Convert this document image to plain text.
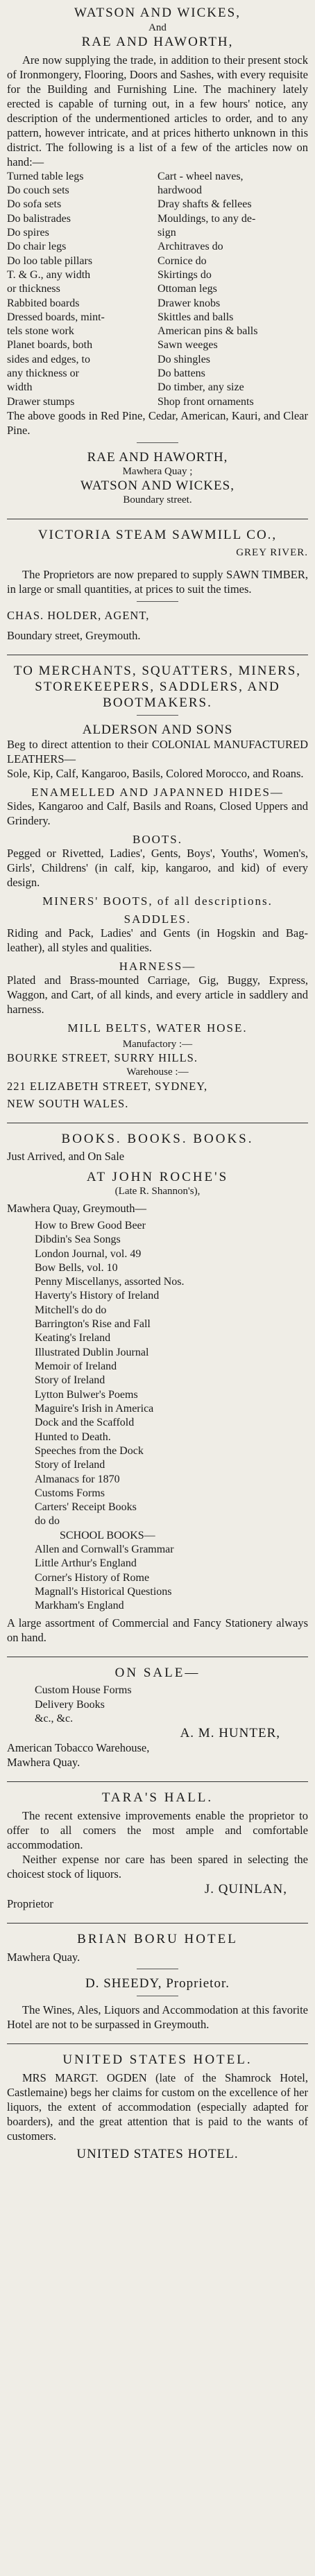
WATSON AND WICKES,
And
RAE AND HAWORTH,
Are now supplying the trade, in addition to their present stock of Ironmongery, Flooring, Doors and Sashes, with every requisite for the Building and Furnishing Line. The machinery lately erected is capable of turning out, in a few hours' notice, any description of the undermentioned articles to order, and to any pattern, however intricate, and at prices hitherto unknown in this district. The following is a list of a few of the articles now on hand:—
Turned table legs	Cart - wheel naves,
Do couch sets	hardwood
Do sofa sets	Dray shafts & fellees
Do balistrades	Mouldings, to any de-
Do spires	sign
Do chair legs	Architraves do
Do loo table pillars	Cornice do
T. & G., any width	Skirtings do
or thickness	Ottoman legs
Rabbited boards	Drawer knobs
Dressed boards, mint-	Skittles and balls
tels stone work	American pins & balls
Planet boards, both	Sawn weeges
sides and edges, to	Do shingles
any thickness or	Do battens
width	Do timber, any size
Drawer stumps	Shop front ornaments
The above goods in Red Pine, Cedar, American, Kauri, and Clear Pine.
RAE AND HAWORTH,
Mawhera Quay ;
WATSON AND WICKES,
Boundary street.
VICTORIA STEAM SAWMILL CO.,
GREY RIVER.
The Proprietors are now prepared to supply SAWN TIMBER, in large or small quantities, at prices to suit the times.
CHAS. HOLDER, AGENT,
Boundary street, Greymouth.
TO MERCHANTS, SQUATTERS, MINERS, STOREKEEPERS, SADDLERS, AND BOOTMAKERS.
ALDERSON AND SONS
Beg to direct attention to their COLONIAL MANUFACTURED LEATHERS—
Sole, Kip, Calf, Kangaroo, Basils, Colored Morocco, and Roans.
ENAMELLED AND JAPANNED HIDES—
Sides, Kangaroo and Calf, Basils and Roans, Closed Uppers and Grindery.
BOOTS.
Pegged or Rivetted, Ladies', Gents, Boys', Youths', Women's, Girls', Childrens' (in calf, kip, kangaroo, and kid) of every design.
MINERS' BOOTS, of all descriptions.
SADDLES.
Riding and Pack, Ladies' and Gents (in Hogskin and Bag-leather), all styles and qualities.
HARNESS—
Plated and Brass-mounted Carriage, Gig, Buggy, Express, Waggon, and Cart, of all kinds, and every article in saddlery and harness.
MILL BELTS, WATER HOSE.
Manufactory :—
BOURKE STREET, SURRY HILLS.
Warehouse :—
221 ELIZABETH STREET, SYDNEY,
NEW SOUTH WALES.
BOOKS. BOOKS. BOOKS.
Just Arrived, and On Sale
AT JOHN ROCHE'S
(Late R. Shannon's),
Mawhera Quay, Greymouth—
How to Brew Good Beer
Dibdin's Sea Songs
London Journal, vol. 49
Bow Bells, vol. 10
Penny Miscellanys, assorted Nos.
Haverty's History of Ireland
Mitchell's do do
Barrington's Rise and Fall
Keating's Ireland
Illustrated Dublin Journal
Memoir of Ireland
Story of Ireland
Lytton Bulwer's Poems
Maguire's Irish in America
Dock and the Scaffold
Hunted to Death.
Speeches from the Dock
Story of Ireland
Almanacs for 1870
Customs Forms
Carters' Receipt Books
do do
SCHOOL BOOKS—
Allen and Cornwall's Grammar
Little Arthur's England
Corner's History of Rome
Magnall's Historical Questions
Markham's England
A large assortment of Commercial and Fancy Stationery always on hand.
ON SALE—
Custom House Forms
Delivery Books
&c., &c.
A. M. HUNTER,
American Tobacco Warehouse,
Mawhera Quay.
TARA'S HALL.
The recent extensive improvements enable the proprietor to offer to all comers the most ample and comfortable accommodation.
Neither expense nor care has been spared in selecting the choicest stock of liquors.
J. QUINLAN,
Proprietor
BRIAN BORU HOTEL
Mawhera Quay.
D. SHEEDY, Proprietor.
The Wines, Ales, Liquors and Accommodation at this favorite Hotel are not to be surpassed in Greymouth.
UNITED STATES HOTEL.
MRS MARGT. OGDEN (late of the Shamrock Hotel, Castlemaine) begs her claims for custom on the excellence of her liquors, the extent of accommodation (especially adapted for boarders), and the great attention that is paid to the wants of customers.
UNITED STATES HOTEL.
